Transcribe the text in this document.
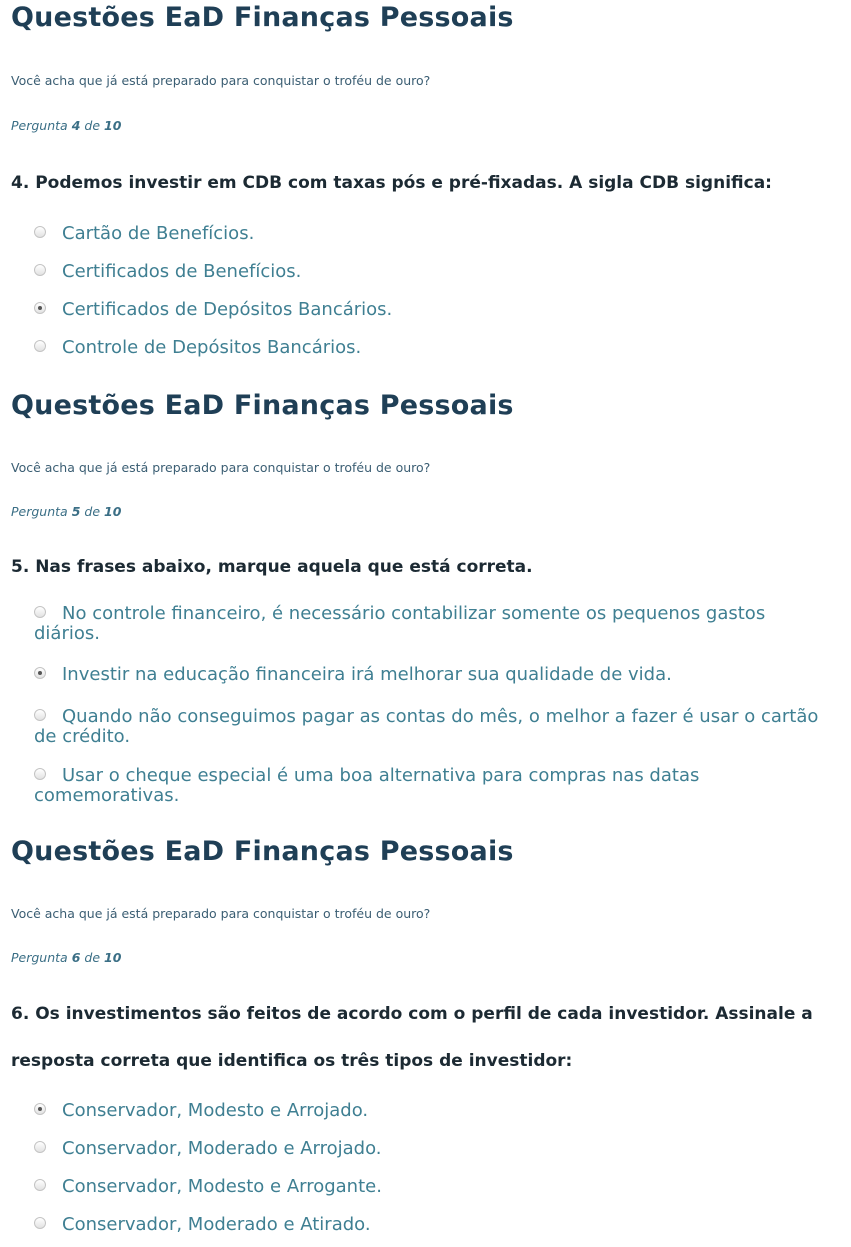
Questões EaD Finanças Pessoais
Você acha que já está preparado para conquistar o troféu de ouro?
Pergunta 4 de 10
4. Podemos investir em CDB com taxas pós e pré-fixadas. A sigla CDB significa:
Cartão de Benefícios.
Certificados de Benefícios.
Certificados de Depósitos Bancários.
Controle de Depósitos Bancários.
Questões EaD Finanças Pessoais
Você acha que já está preparado para conquistar o troféu de ouro?
Pergunta 5 de 10
5. Nas frases abaixo, marque aquela que está correta.
No controle financeiro, é necessário contabilizar somente os pequenos gastos diários.
Investir na educação financeira irá melhorar sua qualidade de vida.
Quando não conseguimos pagar as contas do mês, o melhor a fazer é usar o cartão de crédito.
Usar o cheque especial é uma boa alternativa para compras nas datas comemorativas.
Questões EaD Finanças Pessoais
Você acha que já está preparado para conquistar o troféu de ouro?
Pergunta 6 de 10
6. Os investimentos são feitos de acordo com o perfil de cada investidor. Assinale a
resposta correta que identifica os três tipos de investidor:
Conservador, Modesto e Arrojado.
Conservador, Moderado e Arrojado.
Conservador, Modesto e Arrogante.
Conservador, Moderado e Atirado.
